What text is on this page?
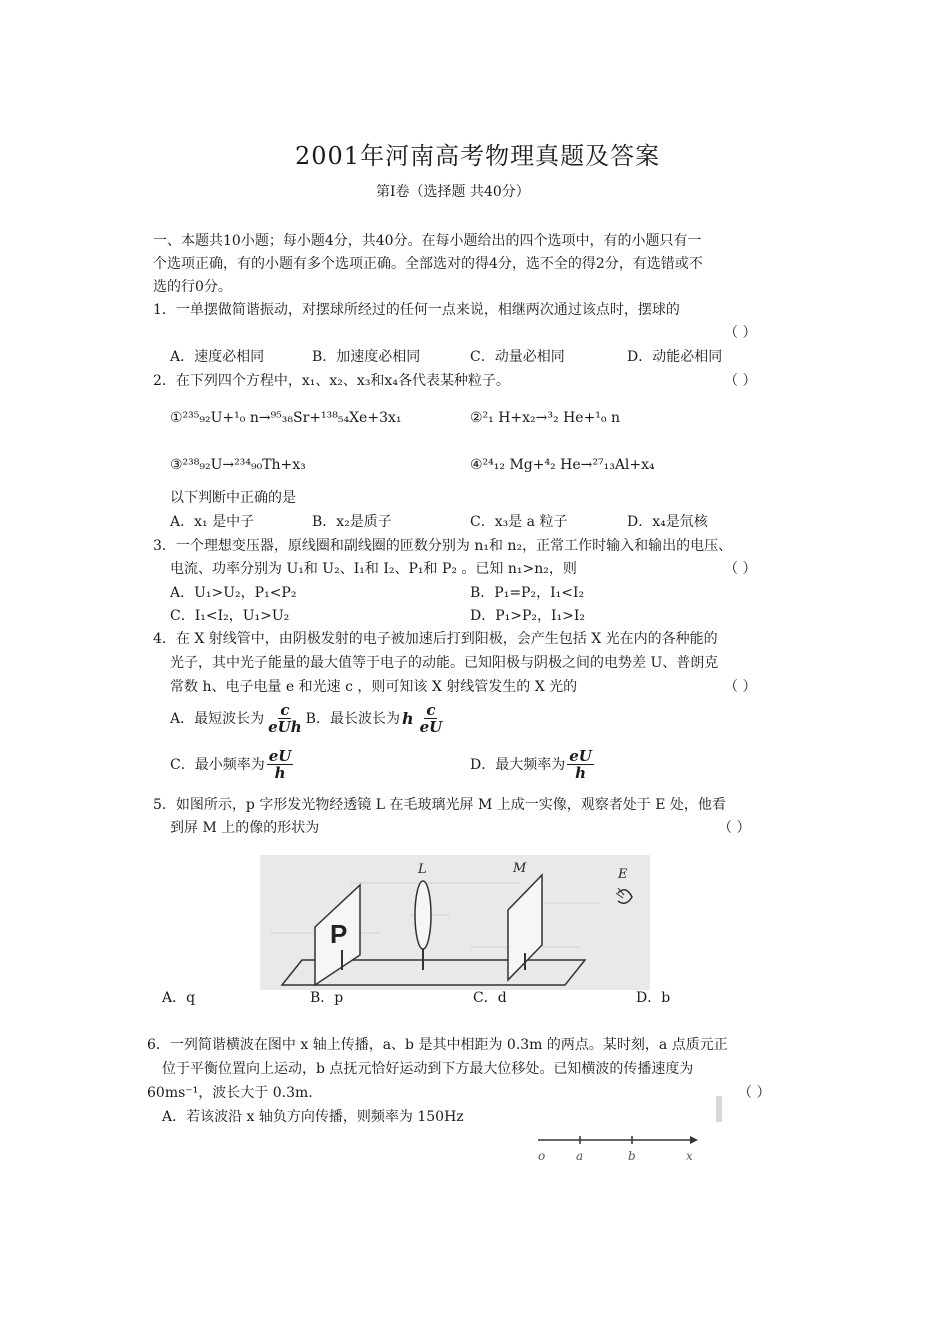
2001年河南高考物理真题及答案
第Ⅰ卷（选择题 共40分）
一、本题共10小题；每小题4分，共40分。在每小题给出的四个选项中，有的小题只有一
个选项正确，有的小题有多个选项正确。全部选对的得4分，选不全的得2分，有选错或不
选的行0分。
1．一单摆做简谐振动，对摆球所经过的任何一点来说，相继两次通过该点时，摆球的
（ ）
A．速度必相同	B．加速度必相同	C．动量必相同	D．动能必相同
2．在下列四个方程中，x₁、x₂、x₃和x₄各代表某种粒子。	（ ）
①²³⁵₉₂U+¹₀ n→⁹⁵₃₈Sr+¹³⁸₅₄Xe+3x₁	②²₁ H+x₂→³₂ He+¹₀ n
③²³⁸₉₂U→²³⁴₉₀Th+x₃	④²⁴₁₂ Mg+⁴₂ He→²⁷₁₃Al+x₄
以下判断中正确的是
A．x₁ 是中子	B．x₂是质子	C．x₃是 a 粒子	D．x₄是氘核
3．一个理想变压器，原线圈和副线圈的匝数分别为 n₁和 n₂，正常工作时输入和输出的电压、
电流、功率分别为 U₁和 U₂、I₁和 I₂、P₁和 P₂ 。已知 n₁>n₂，则	（ ）
A．U₁>U₂，P₁<P₂	B．P₁=P₂，I₁<I₂
C．I₁<I₂，U₁>U₂	D．P₁>P₂，I₁>I₂
4．在 X 射线管中，由阴极发射的电子被加速后打到阳极，会产生包括 X 光在内的各种能的
光子，其中光子能量的最大值等于电子的动能。已知阳极与阴极之间的电势差 U、普朗克
常数 h、电子电量 e 和光速 c ，则可知该 X 射线管发生的 X 光的	（ ）
A．最短波长为 $\frac{c}{\text{eUh}}$ B．最长波长为 h $\frac{c}{eU}$
C．最小频率为 $\frac{eU}{h}$	D．最大频率为 $\frac{eU}{h}$
5．如图所示，p 字形发光物经透镜 L 在毛玻璃光屏 M 上成一实像，观察者处于 E 处，他看
到屏 M 上的像的形状为	（ ）
P
L	M	E
A．q	B．p	C．d	D．b
6．一列简谐横波在图中 x 轴上传播，a、b 是其中相距为 0.3m 的两点。某时刻，a 点质元正
位于平衡位置向上运动，b 点抚元恰好运动到下方最大位移处。已知横波的传播速度为
60ms⁻¹，波长大于 0.3m.	（ ）
A．若该波沿 x 轴负方向传播，则频率为 150Hz
o	a	b	x
